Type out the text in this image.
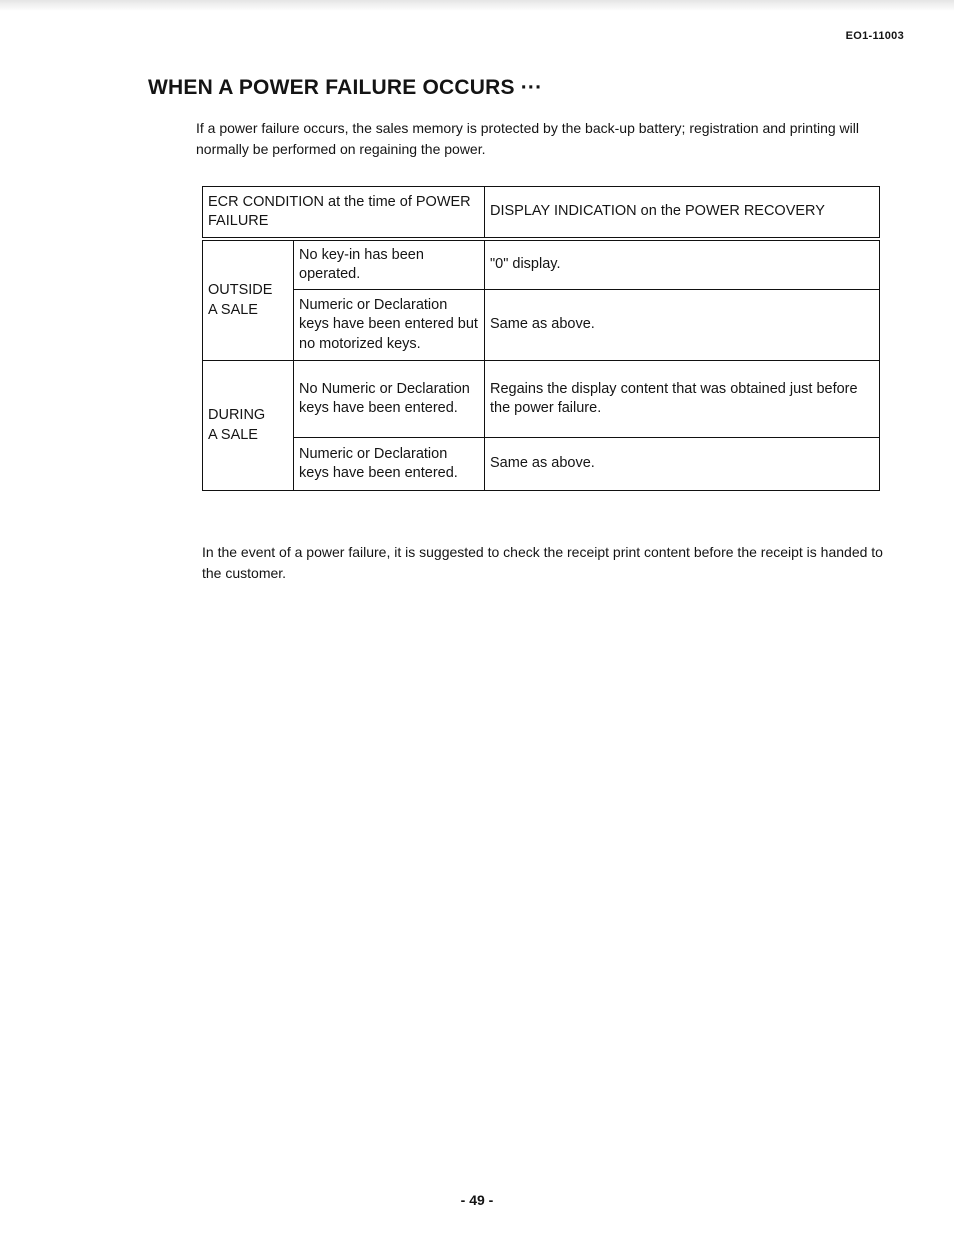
EO1-11003
WHEN A POWER FAILURE OCCURS ···

If a power failure occurs, the sales memory is protected by the back-up battery; registration and printing will normally be performed on regaining the power.

ECR CONDITION at the time of POWER FAILURE		DISPLAY INDICATION on the POWER RECOVERY

OUTSIDE
A SALE	No key-in has been operated.	"0" display.
	Numeric or Declaration keys have been entered but no motorized keys.	Same as above.

DURING
A SALE	No Numeric or Declaration keys have been entered.	Regains the display content that was obtained just before the power failure.
	Numeric or Declaration keys have been entered.	Same as above.

In the event of a power failure, it is suggested to check the receipt print content before the receipt is handed to the customer.

- 49 -
